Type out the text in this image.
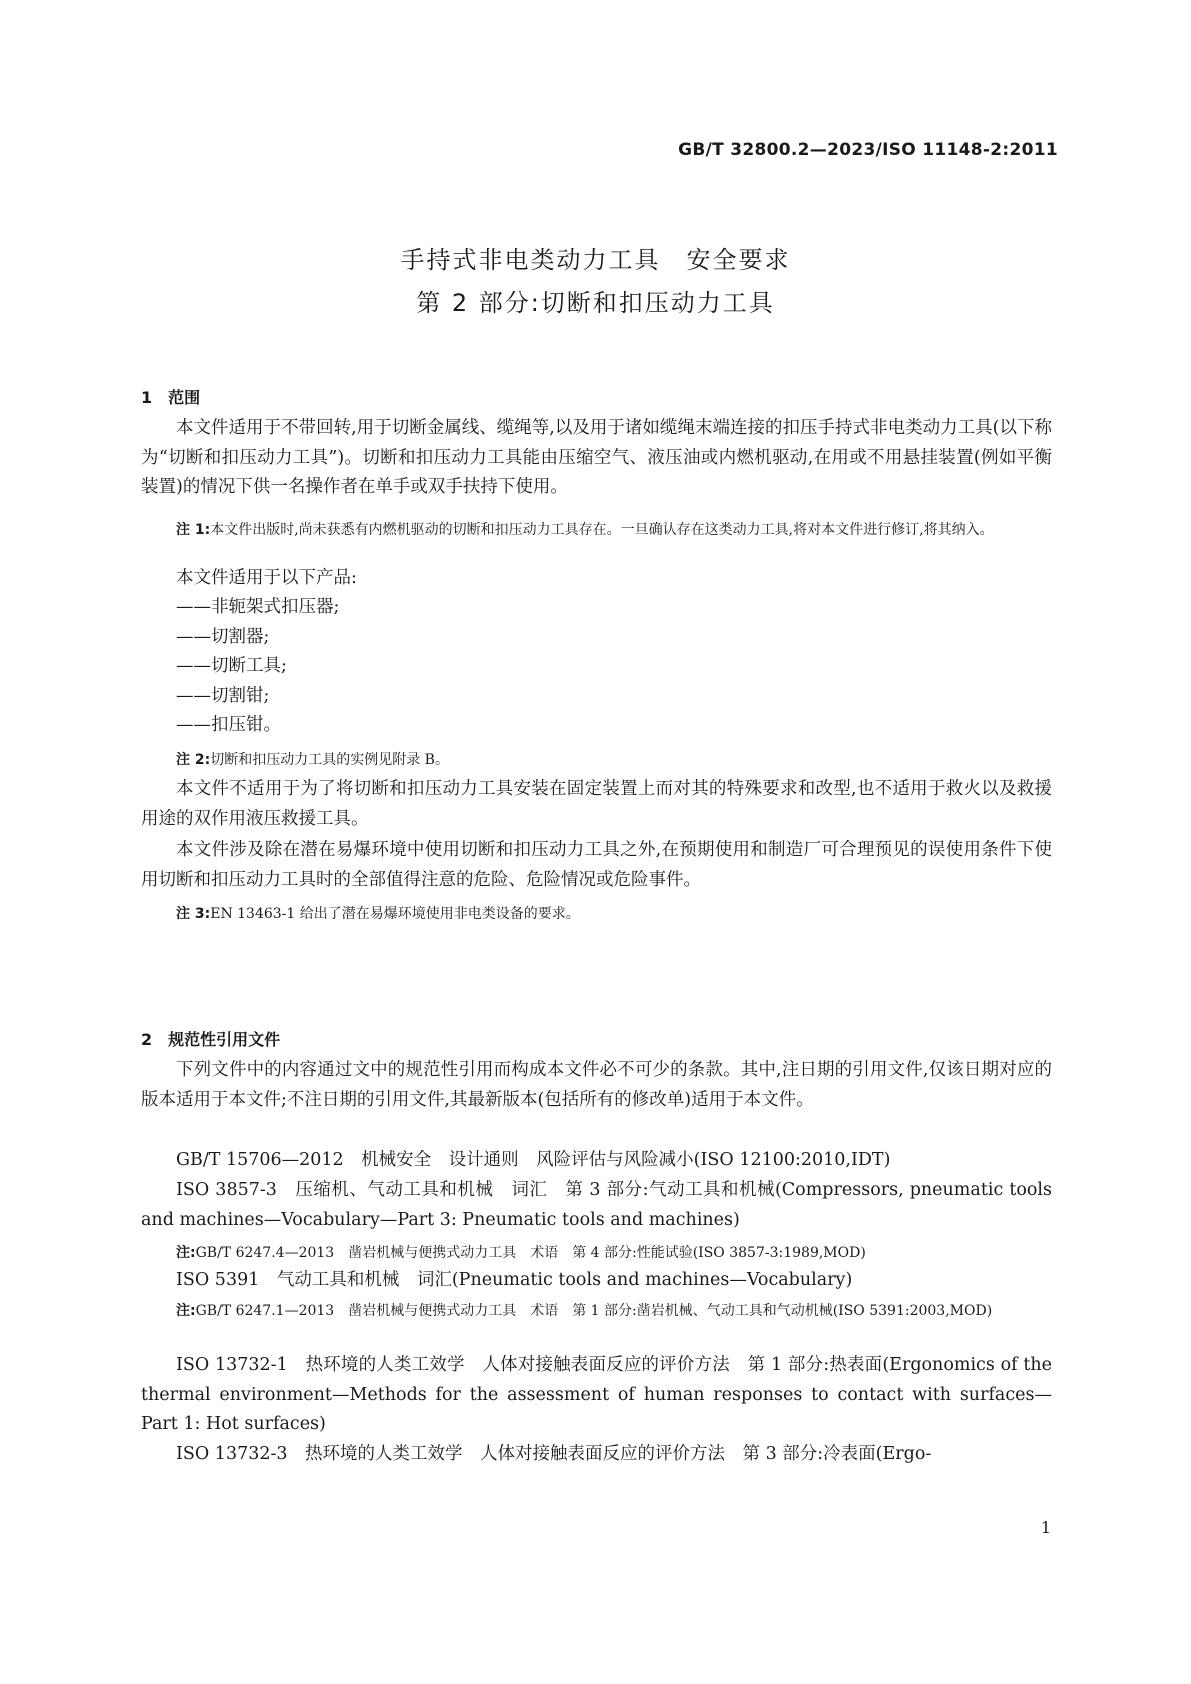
GB/T 32800.2—2023/ISO 11148-2:2011
手持式非电类动力工具　安全要求
第 2 部分:切断和扣压动力工具
1　范围
本文件适用于不带回转,用于切断金属线、缆绳等,以及用于诸如缆绳末端连接的扣压手持式非电类动力工具(以下称为“切断和扣压动力工具”)。切断和扣压动力工具能由压缩空气、液压油或内燃机驱动,在用或不用悬挂装置(例如平衡装置)的情况下供一名操作者在单手或双手扶持下使用。
注 1:本文件出版时,尚未获悉有内燃机驱动的切断和扣压动力工具存在。一旦确认存在这类动力工具,将对本文件进行修订,将其纳入。
本文件适用于以下产品:
——非轭架式扣压器;
——切割器;
——切断工具;
——切割钳;
——扣压钳。
注 2:切断和扣压动力工具的实例见附录 B。
本文件不适用于为了将切断和扣压动力工具安装在固定装置上而对其的特殊要求和改型,也不适用于救火以及救援用途的双作用液压救援工具。
本文件涉及除在潜在易爆环境中使用切断和扣压动力工具之外,在预期使用和制造厂可合理预见的误使用条件下使用切断和扣压动力工具时的全部值得注意的危险、危险情况或危险事件。
注 3:EN 13463-1 给出了潜在易爆环境使用非电类设备的要求。
2　规范性引用文件
下列文件中的内容通过文中的规范性引用而构成本文件必不可少的条款。其中,注日期的引用文件,仅该日期对应的版本适用于本文件;不注日期的引用文件,其最新版本(包括所有的修改单)适用于本文件。
GB/T 15706—2012　机械安全　设计通则　风险评估与风险减小(ISO 12100:2010,IDT)
ISO 3857-3　压缩机、气动工具和机械　词汇　第 3 部分:气动工具和机械(Compressors, pneumatic tools and machines—Vocabulary—Part 3: Pneumatic tools and machines)
注:GB/T 6247.4—2013　凿岩机械与便携式动力工具　术语　第 4 部分:性能试验(ISO 3857-3:1989,MOD)
ISO 5391　气动工具和机械　词汇(Pneumatic tools and machines—Vocabulary)
注:GB/T 6247.1—2013　凿岩机械与便携式动力工具　术语　第 1 部分:凿岩机械、气动工具和气动机械(ISO 5391:2003,MOD)
ISO 13732-1　热环境的人类工效学　人体对接触表面反应的评价方法　第 1 部分:热表面(Ergonomics of the thermal environment—Methods for the assessment of human responses to contact with surfaces—Part 1: Hot surfaces)
ISO 13732-3　热环境的人类工效学　人体对接触表面反应的评价方法　第 3 部分:冷表面(Ergo-
1
